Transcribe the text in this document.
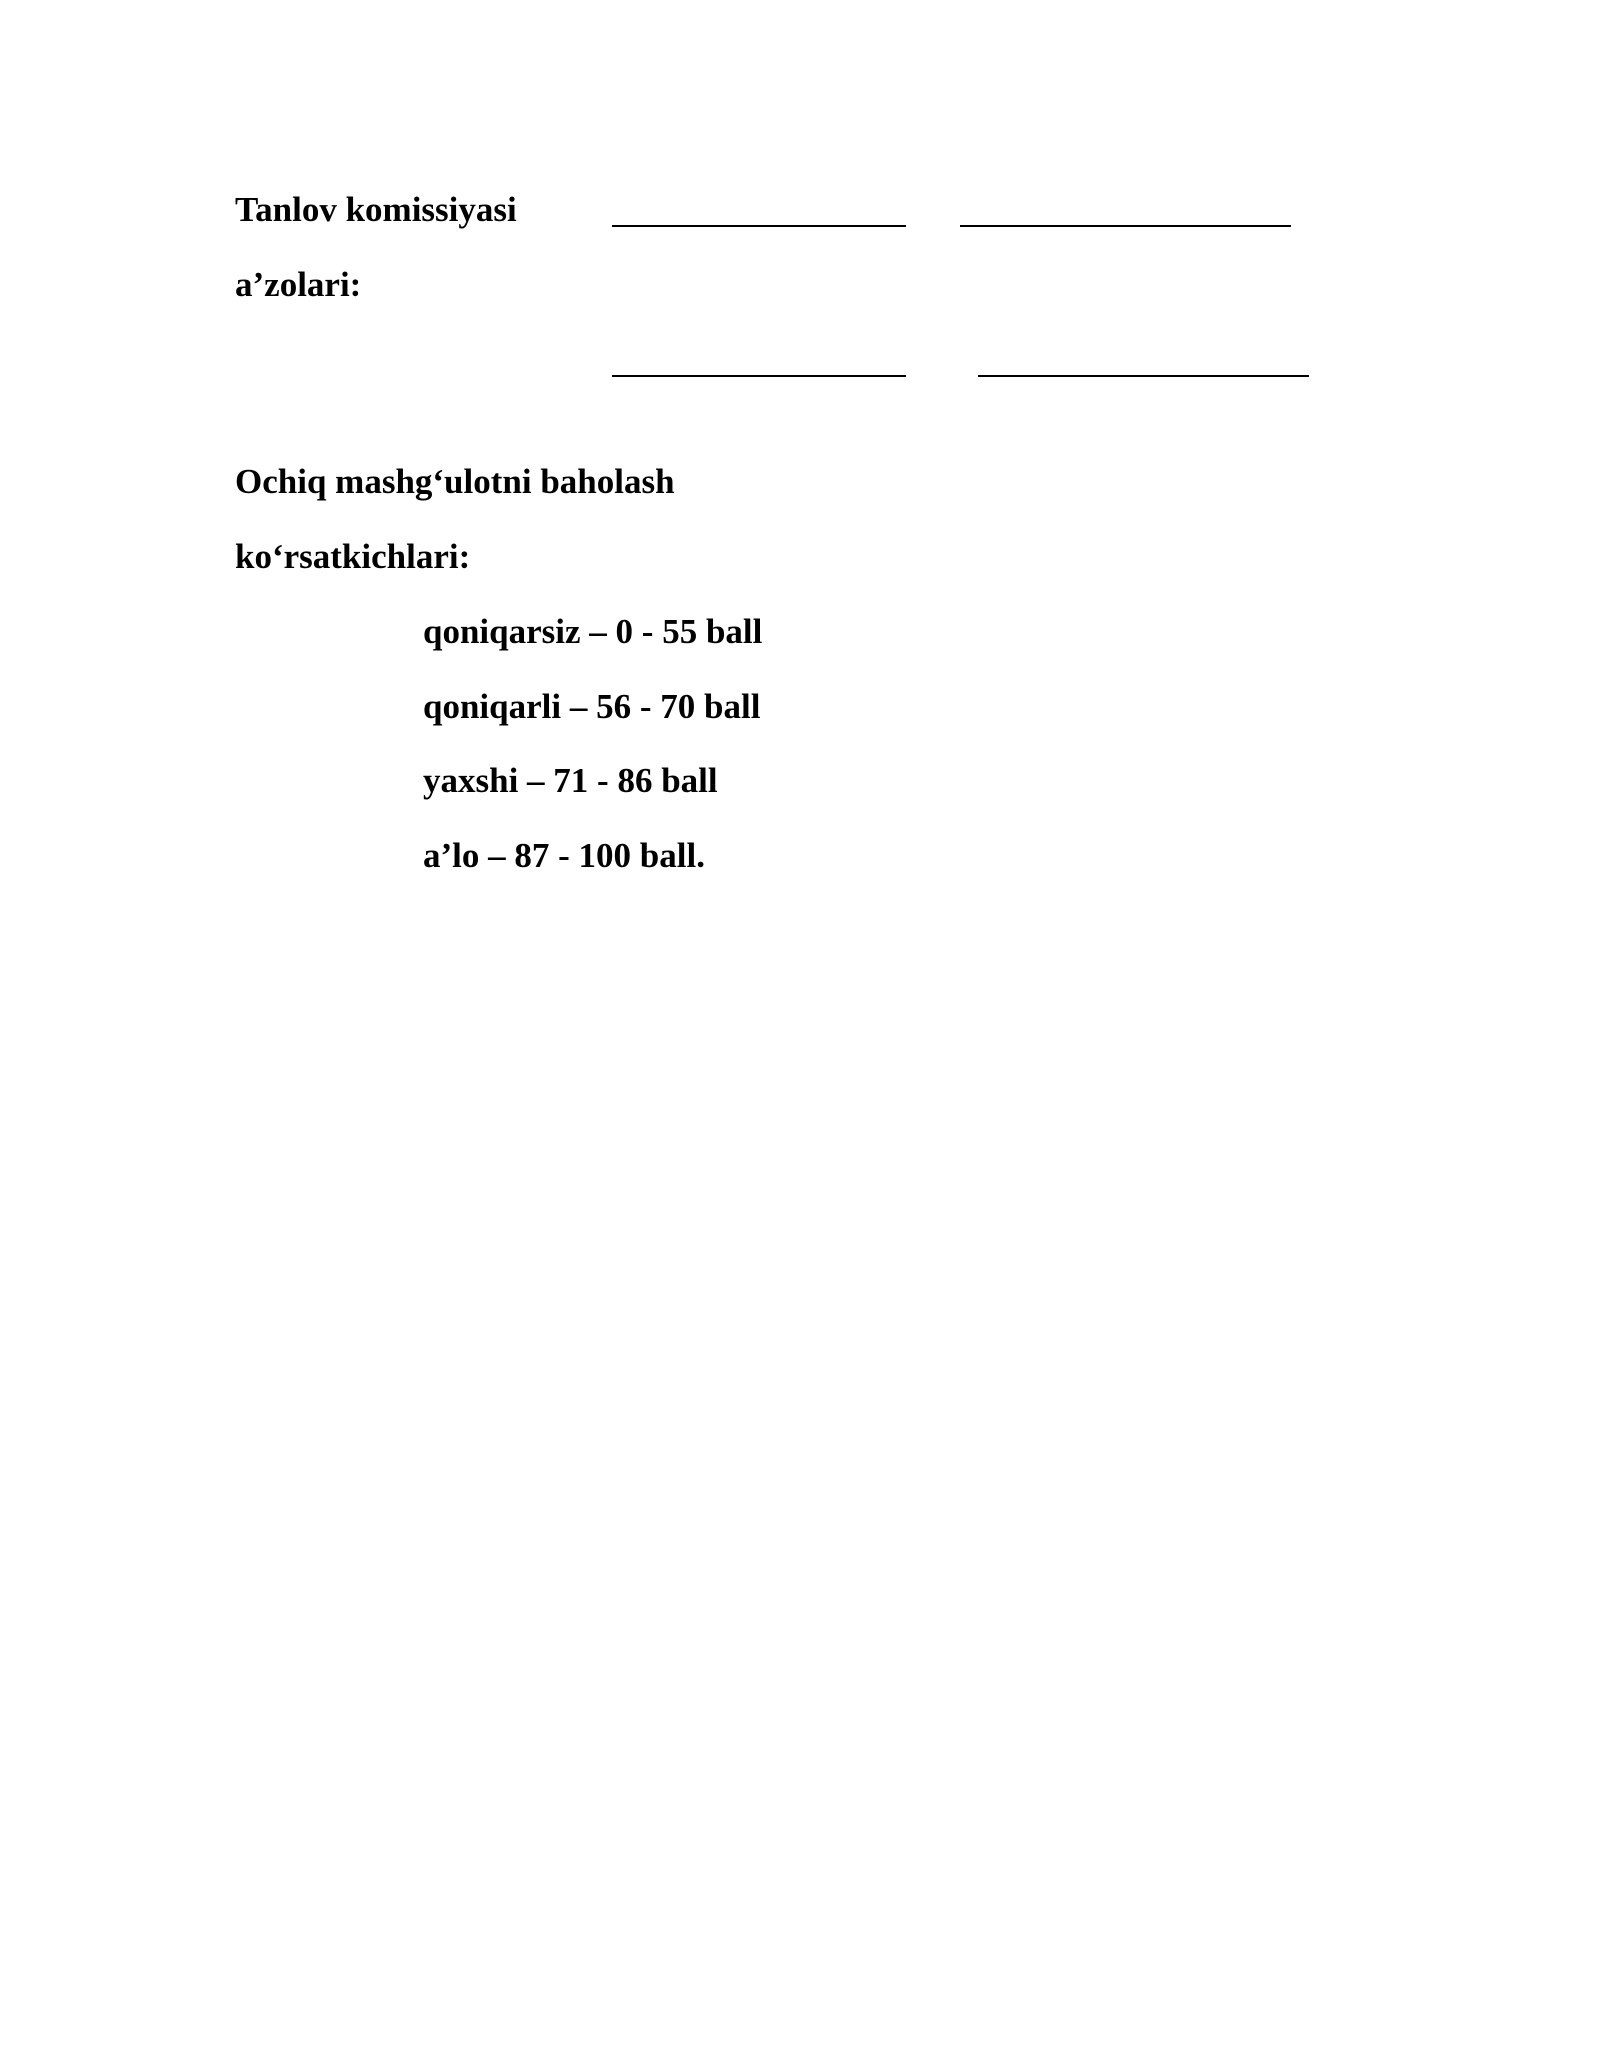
Tanlov komissiyasi

a’zolari:

Ochiq mashg‘ulotni baholash

ko‘rsatkichlari:

qoniqarsiz – 0 - 55 ball

qoniqarli – 56 - 70 ball

yaxshi – 71 - 86 ball

a’lo – 87 - 100 ball.
